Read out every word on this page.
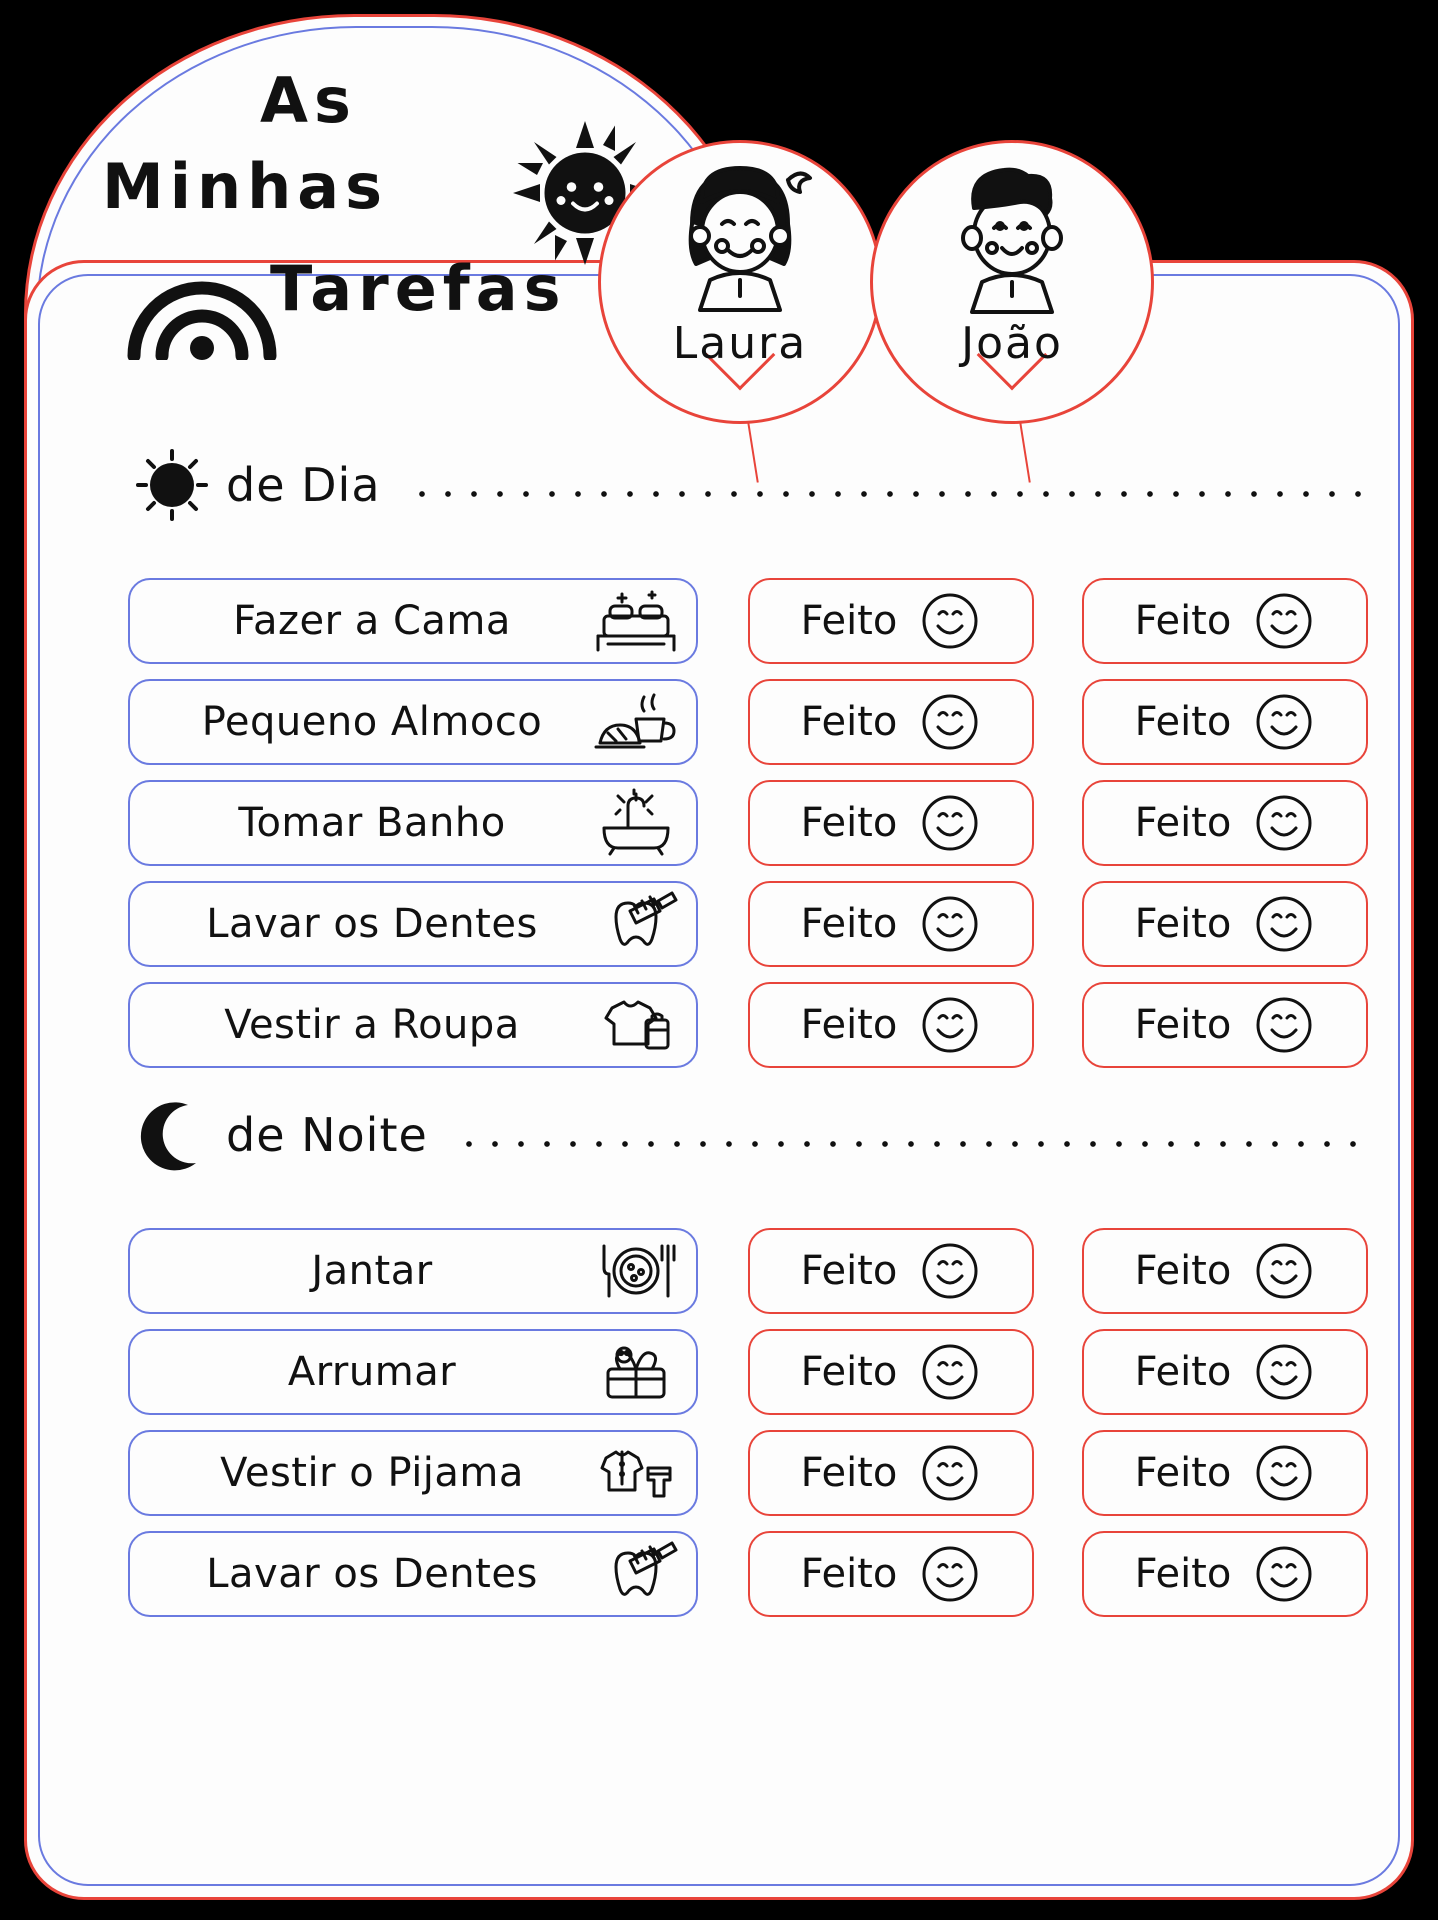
As
Minhas
Tarefas
Laura	João
de Dia
Fazer a Cama	Feito	Feito
Pequeno Almoco	Feito	Feito
Tomar Banho	Feito	Feito
Lavar os Dentes	Feito	Feito
Vestir a Roupa	Feito	Feito
de Noite
Jantar	Feito	Feito
Arrumar	Feito	Feito
Vestir o Pijama	Feito	Feito
Lavar os Dentes	Feito	Feito
